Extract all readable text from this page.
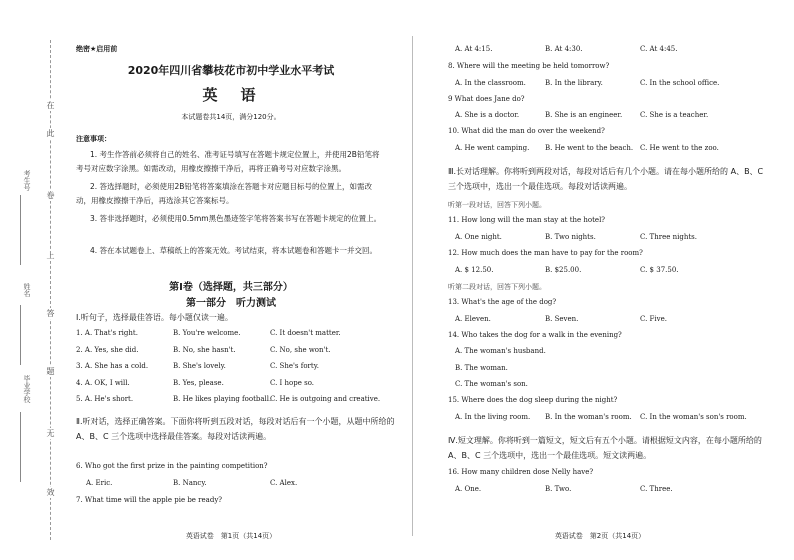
在
此
卷
上
答
题
无
效
考生号
姓名
毕业学校
绝密★启用前
2020年四川省攀枝花市初中学业水平考试
英　语
本试题卷共14页，满分120分。
注意事项：
1. 考生作答前必须将自己的姓名、准考证号填写在答题卡规定位置上，并使用2B铅笔将考号对应数字涂黑。如需改动，用橡皮擦擦干净后，再将正确考号对应数字涂黑。
2. 答选择题时，必须使用2B铅笔将答案填涂在答题卡对应题目标号的位置上，如需改动，用橡皮擦擦干净后，再选涂其它答案标号。
3. 答非选择题时，必须使用0.5mm黑色墨迹签字笔将答案书写在答题卡规定的位置上。
4. 答在本试题卷上、草稿纸上的答案无效。考试结束，将本试题卷和答题卡一并交回。
第Ⅰ卷（选择题，共三部分）
第一部分　听力测试
Ⅰ.听句子，选择最佳答语。每小题仅读一遍。
1. A. That's right.	B. You're welcome.	C. It doesn't matter.
2. A. Yes, she did.	B. No, she hasn't.	C. No, she won't.
3. A. She has a cold.	B. She's lovely.	C. She's forty.
4. A. OK, I will.	B. Yes, please.	C. I hope so.
5. A. He's short.	B. He likes playing football.
C. He is outgoing and creative.
Ⅱ.听对话，选择正确答案。下面你将听到五段对话，每段对话后有一个小题，从题中所给的 A、B、C 三个选项中选择最佳答案。每段对话读两遍。
6. Who got the first prize in the painting competition?
A. Eric.	B. Nancy.	C. Alex.
7. What time will the apple pie be ready?
英语试卷　第1页（共14页）
A. At 4:15.	B. At 4:30.	C. At 4:45.
8. Where will the meeting be held tomorrow?
A. In the classroom.	B. In the library.	C. In the school office.
9 What does Jane do?
A. She is a doctor.	B. She is an engineer.	C. She is a teacher.
10. What did the man do over the weekend?
A. He went camping. B. He went to the beach. C. He went to the zoo.
Ⅲ.长对话理解。你将听到两段对话，每段对话后有几个小题。请在每小题所给的 A、B、C 三个选项中，选出一个最佳选项。每段对话读两遍。
听第一段对话，回答下列小题。
11. How long will the man stay at the hotel?
A. One night.	B. Two nights.	C. Three nights.
12. How much does the man have to pay for the room?
A. $ 12.50.	B. $25.00.	C. $ 37.50.
听第二段对话，回答下列小题。
13. What's the age of the dog?
A. Eleven.	B. Seven.	C. Five.
14. Who takes the dog for a walk in the evening?
A. The woman's husband.
B. The woman.
C. The woman's son.
15. Where does the dog sleep during the night?
A. In the living room. B. In the woman's room. C. In the woman's son's room.
Ⅳ.短文理解。你将听到一篇短文，短文后有五个小题。请根据短文内容，在每小题所给的 A、B、C 三个选项中，选出一个最佳选项。短文读两遍。
16. How many children dose Nelly have?
A. One.	B. Two.	C. Three.
英语试卷　第2页（共14页）
